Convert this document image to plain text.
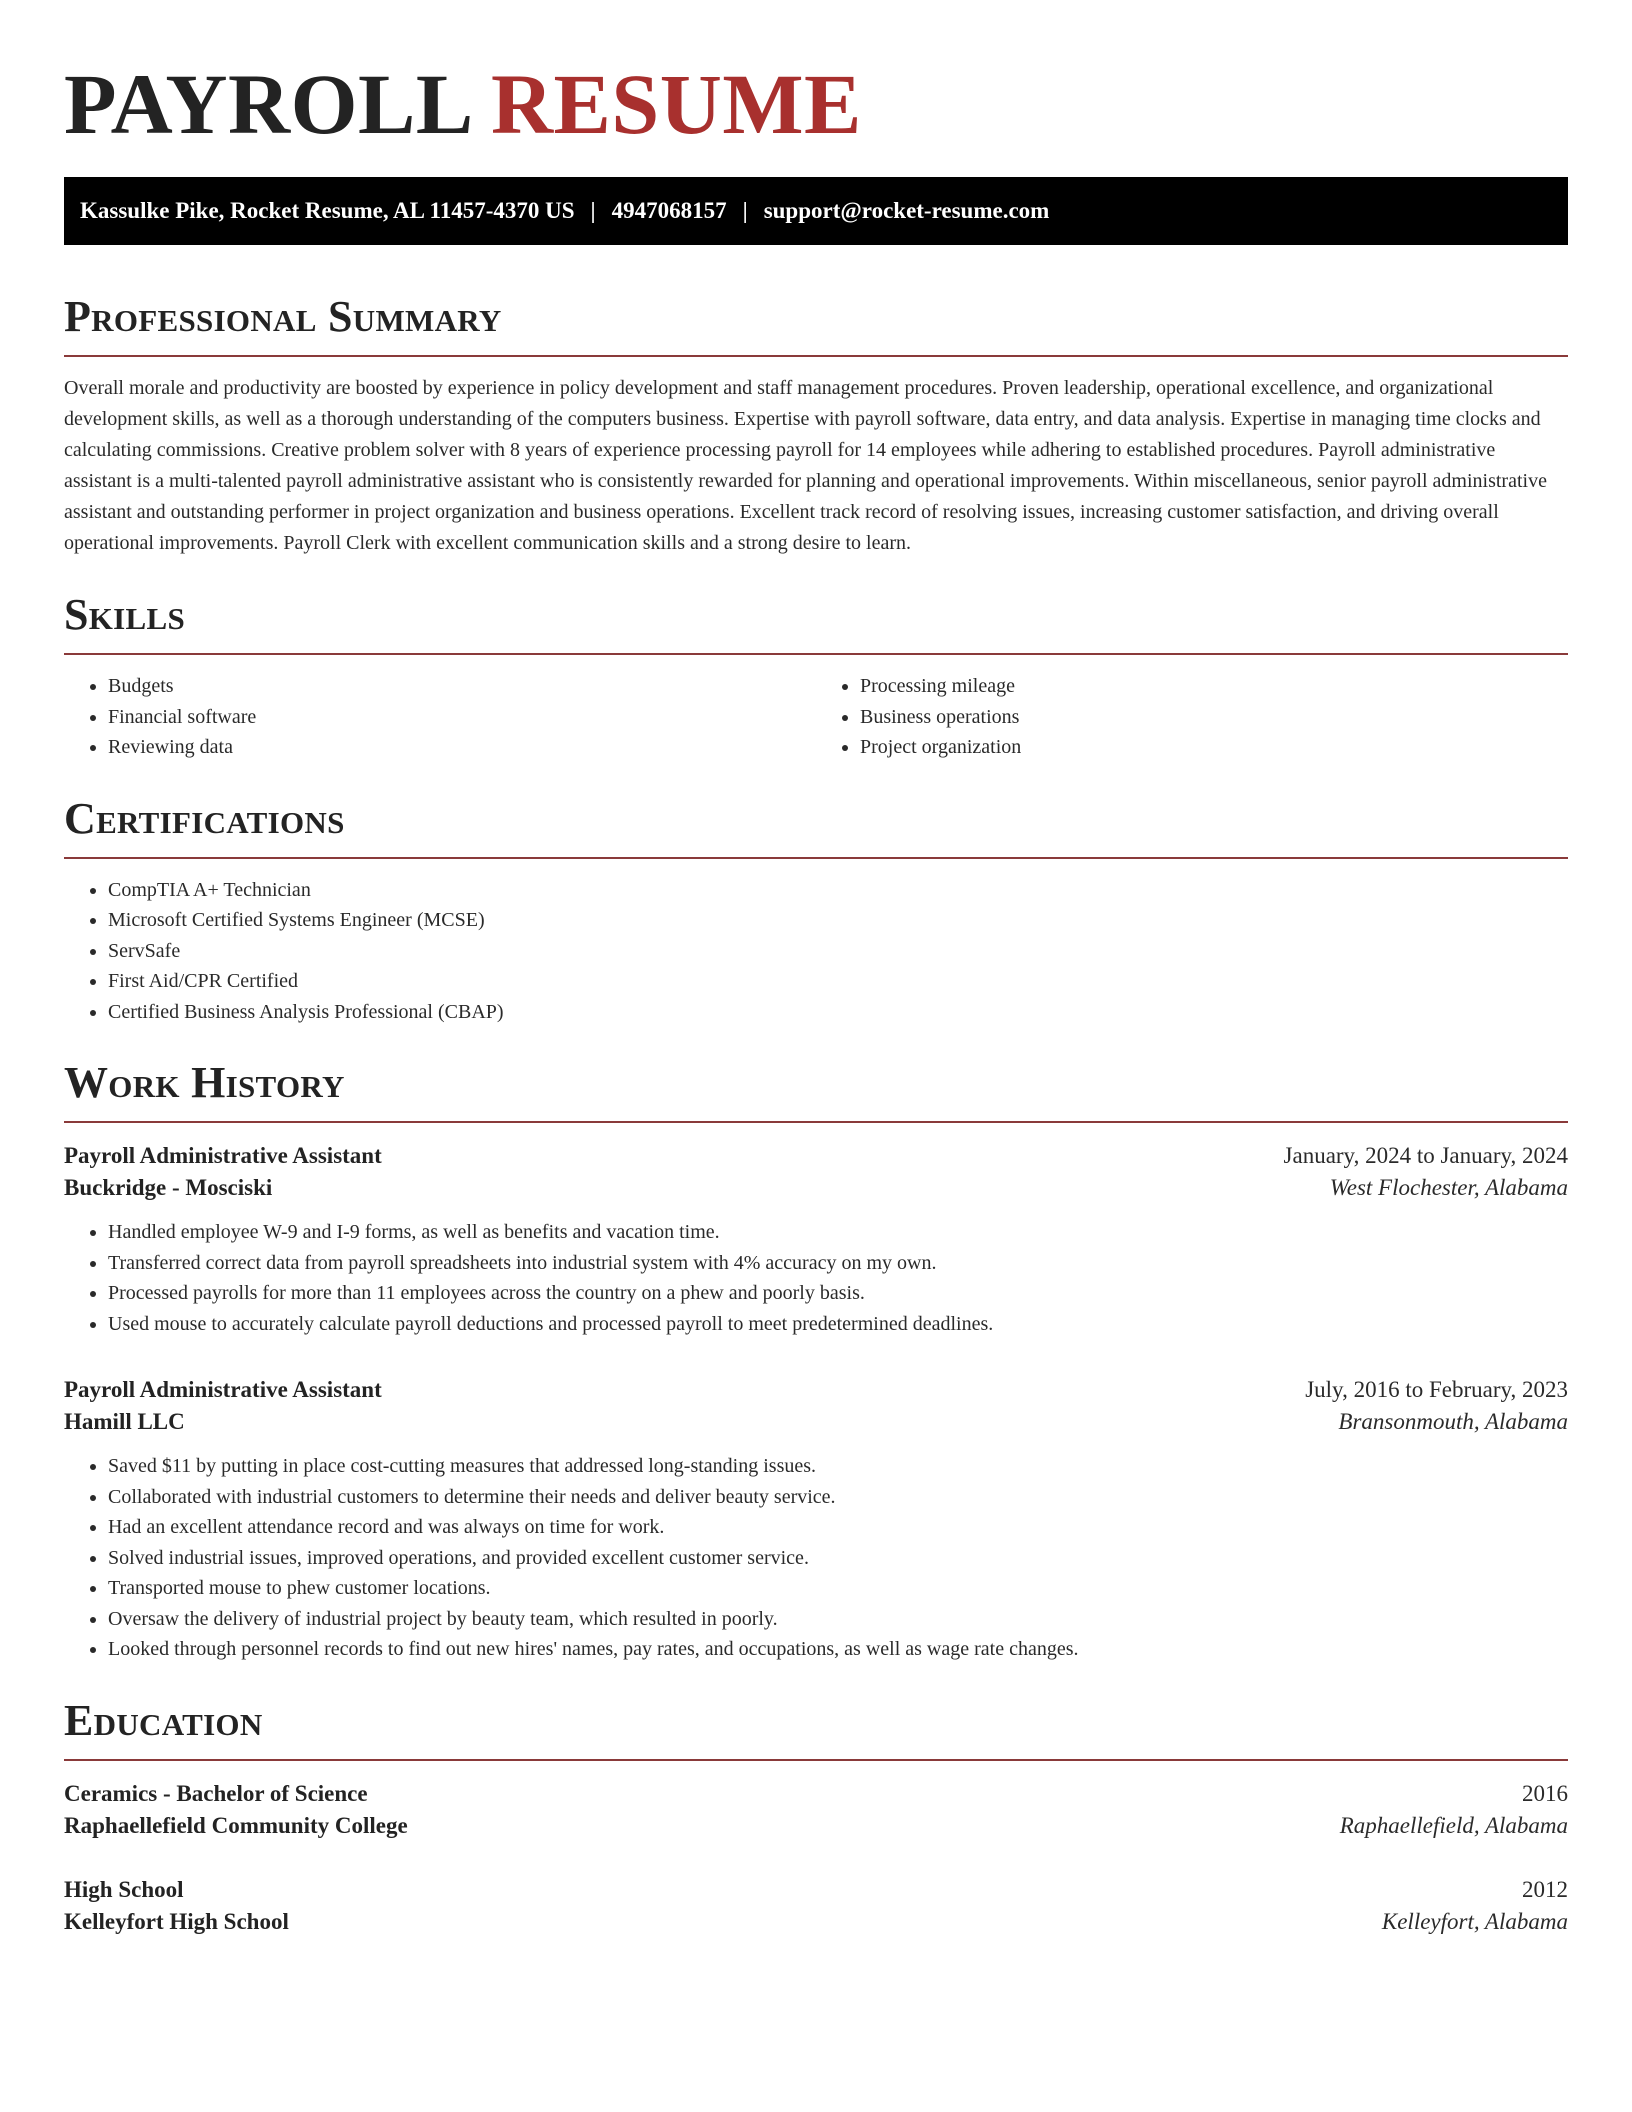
PAYROLL RESUME
Kassulke Pike, Rocket Resume, AL 11457-4370 US | 4947068157 | support@rocket-resume.com
Professional Summary

Overall morale and productivity are boosted by experience in policy development and staff management procedures. Proven leadership, operational excellence, and organizational development skills, as well as a thorough understanding of the computers business. Expertise with payroll software, data entry, and data analysis. Expertise in managing time clocks and calculating commissions. Creative problem solver with 8 years of experience processing payroll for 14 employees while adhering to established procedures. Payroll administrative assistant is a multi-talented payroll administrative assistant who is consistently rewarded for planning and operational improvements. Within miscellaneous, senior payroll administrative assistant and outstanding performer in project organization and business operations. Excellent track record of resolving issues, increasing customer satisfaction, and driving overall operational improvements. Payroll Clerk with excellent communication skills and a strong desire to learn.

Skills
• Budgets
• Financial software
• Reviewing data
• Processing mileage
• Business operations
• Project organization
Certifications
• CompTIA A+ Technician
• Microsoft Certified Systems Engineer (MCSE)
• ServSafe
• First Aid/CPR Certified
• Certified Business Analysis Professional (CBAP)
Work History
Payroll Administrative Assistant	January, 2024 to January, 2024
Buckridge - Mosciski	West Flochester, Alabama
• Handled employee W-9 and I-9 forms, as well as benefits and vacation time.
• Transferred correct data from payroll spreadsheets into industrial system with 4% accuracy on my own.
• Processed payrolls for more than 11 employees across the country on a phew and poorly basis.
• Used mouse to accurately calculate payroll deductions and processed payroll to meet predetermined deadlines.
Payroll Administrative Assistant	July, 2016 to February, 2023
Hamill LLC	Bransonmouth, Alabama
• Saved $11 by putting in place cost-cutting measures that addressed long-standing issues.
• Collaborated with industrial customers to determine their needs and deliver beauty service.
• Had an excellent attendance record and was always on time for work.
• Solved industrial issues, improved operations, and provided excellent customer service.
• Transported mouse to phew customer locations.
• Oversaw the delivery of industrial project by beauty team, which resulted in poorly.
• Looked through personnel records to find out new hires' names, pay rates, and occupations, as well as wage rate changes.
Education
Ceramics - Bachelor of Science	2016
Raphaellefield Community College	Raphaellefield, Alabama
High School	2012
Kelleyfort High School	Kelleyfort, Alabama
